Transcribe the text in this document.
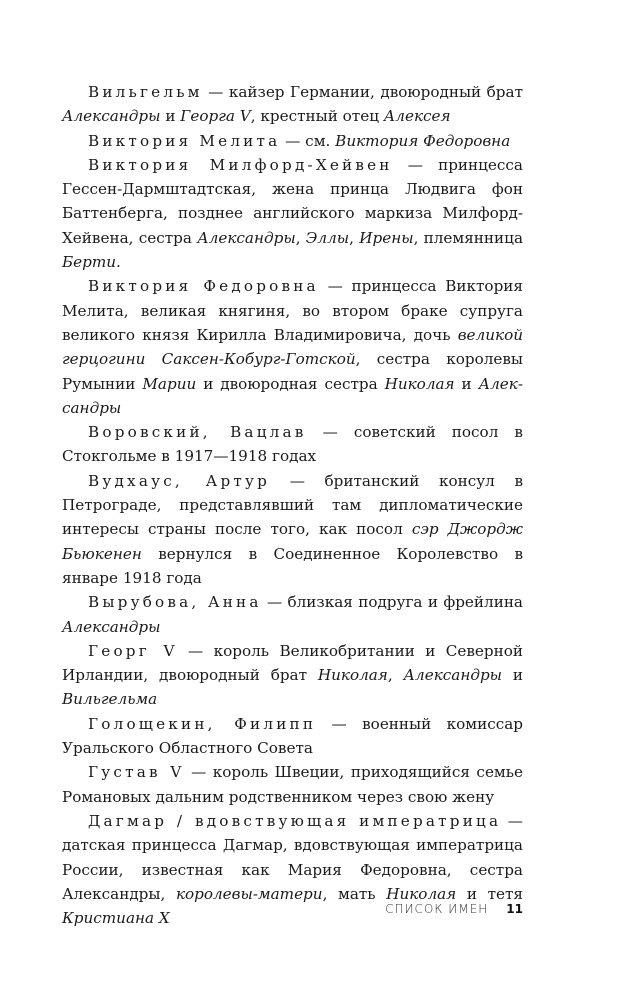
Вильгельм — кайзер Германии, двоюродный брат Александры и Георга V, крестный отец Алексея

Виктория Мелита — см. Виктория Федоровна

Виктория Милфорд-Хейвен — принцесса Гессен-Дармштадтская, жена принца Людвига фон Баттенберга, позднее английского маркиза Милфорд-Хейвена, сестра Александры, Эллы, Ирены, племянница Берти.

Виктория Федоровна — принцесса Виктория Мелита, великая княгиня, во втором браке супруга великого князя Кирилла Владимировича, дочь великой герцогини Саксен-Кобург-Готской, сестра королевы Румынии Марии и двоюродная сестра Николая и Александры

Воровский, Вацлав — советский посол в Стокгольме в 1917—1918 годах

Вудхаус, Артур — британский консул в Петрограде, представлявший там дипломатические интересы страны после того, как посол сэр Джордж Бьюкенен вернулся в Соединенное Королевство в январе 1918 года

Вырубова, Анна — близкая подруга и фрейлина Александры

Георг V — король Великобритании и Северной Ирландии, двоюродный брат Николая, Александры и Вильгельма

Голощекин, Филипп — военный комиссар Уральского Областного Совета

Густав V — король Швеции, приходящийся семье Романовых дальним родственником через свою жену

Дагмар / вдовствующая императрица — датская принцесса Дагмар, вдовствующая императрица России, известная как Мария Федоровна, сестра Александры, королевы-матери, мать Николая и тетя Кристиана X

СПИСОК ИМЕН 11
